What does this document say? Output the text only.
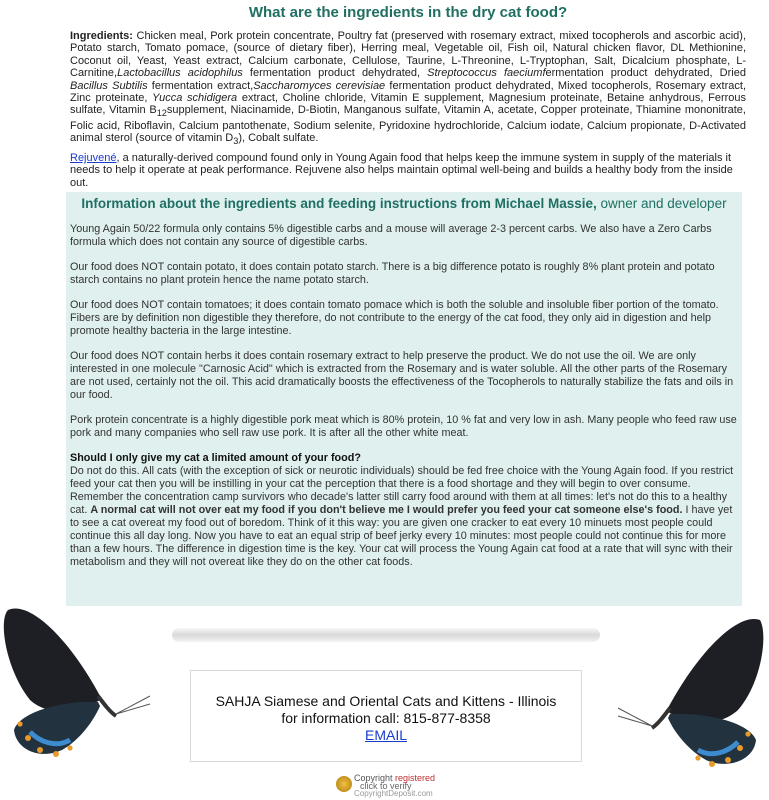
What are the ingredients in the dry cat food?
Ingredients: Chicken meal, Pork protein concentrate, Poultry fat (preserved with rosemary extract, mixed tocopherols and ascorbic acid), Potato starch, Tomato pomace, (source of dietary fiber), Herring meal, Vegetable oil, Fish oil, Natural chicken flavor, DL Methionine, Coconut oil, Yeast, Yeast extract, Calcium carbonate, Cellulose, Taurine, L-Threonine, L-Tryptophan, Salt, Dicalcium phosphate, L-Carnitine,Lactobacillus acidophilus fermentation product dehydrated, Streptococcus faeciumfermentation product dehydrated, Dried Bacillus Subtilis fermentation extract,Saccharomyces cerevisiae fermentation product dehydrated, Mixed tocopherols, Rosemary extract, Zinc proteinate, Yucca schidigera extract, Choline chloride, Vitamin E supplement, Magnesium proteinate, Betaine anhydrous, Ferrous sulfate, Vitamin $B_{12}supplement$, Niacinamide, D-Biotin, Manganous sulfate, Vitamin A, acetate, Copper proteinate, Thiamine mononitrate, Folic acid, Riboflavin, Calcium pantothenate, Sodium selenite, Pyridoxine hydrochloride, Calcium iodate, Calcium propionate, D-Activated animal sterol (source of vitamin $D_3$), Cobalt sulfate.
Rejuvené, a naturally-derived compound found only in Young Again food that helps keep the immune system in supply of the materials it needs to help it operate at peak performance. Rejuvene also helps maintain optimal well-being and builds a healthy body from the inside out.
Information about the ingredients and feeding instructions from Michael Massie, owner and developer

Young Again 50/22 formula only contains 5% digestible carbs and a mouse will average 2-3 percent carbs. We also have a Zero Carbs formula which does not contain any source of digestible carbs.

Our food does NOT contain potato, it does contain potato starch. There is a big difference potato is roughly 8% plant protein and potato starch contains no plant protein hence the name potato starch.

Our food does NOT contain tomatoes; it does contain tomato pomace which is both the soluble and insoluble fiber portion of the tomato. Fibers are by definition non digestible they therefore, do not contribute to the energy of the cat food, they only aid in digestion and help promote healthy bacteria in the large intestine.

Our food does NOT contain herbs it does contain rosemary extract to help preserve the product. We do not use the oil. We are only interested in one molecule "Carnosic Acid" which is extracted from the Rosemary and is water soluble. All the other parts of the Rosemary are not used, certainly not the oil. This acid dramatically boosts the effectiveness of the Tocopherols to naturally stabilize the fats and oils in our food.

Pork protein concentrate is a highly digestible pork meat which is 80% protein, 10 % fat and very low in ash. Many people who feed raw use pork and many companies who sell raw use pork. It is after all the other white meat.

Should I only give my cat a limited amount of your food?

Do not do this. All cats (with the exception of sick or neurotic individuals) should be fed free choice with the Young Again food. If you restrict feed your cat then you will be instilling in your cat the perception that there is a food shortage and they will begin to over consume. Remember the concentration camp survivors who decade's latter still carry food around with them at all times: let's not do this to a healthy cat. A normal cat will not over eat my food if you don't believe me I would prefer you feed your cat someone else's food. I have yet to see a cat overeat my food out of boredom. Think of it this way: you are given one cracker to eat every 10 minuets most people could continue this all day long. Now you have to eat an equal strip of beef jerky every 10 minutes: most people could not continue this for more than a few hours. The difference in digestion time is the key. Your cat will process the Young Again cat food at a rate that will sync with their metabolism and they will not overeat like they do on the other cat foods.

SAHJA Siamese and Oriental Cats and Kittens - Illinois
for information call: 815-877-8358
EMAIL
Copyright registered
click to verify
CopyrightDeposit.com
